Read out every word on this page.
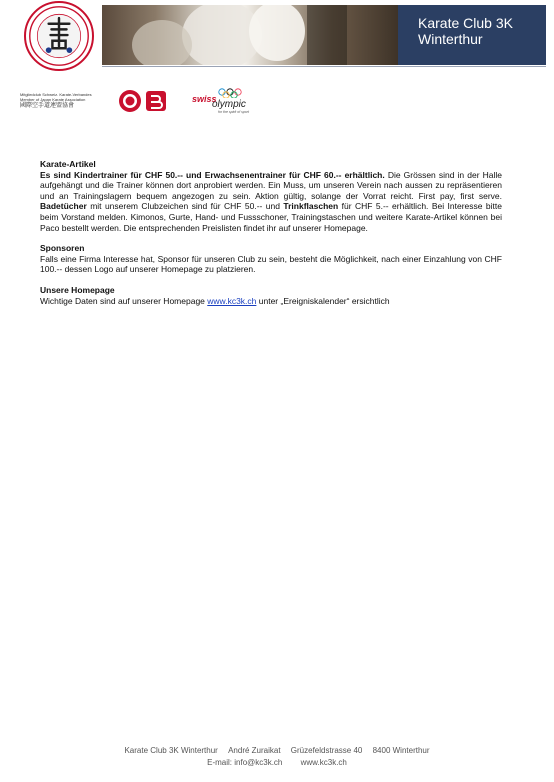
Karate Club 3K
Winterthur
Mitgliedclub Schweiz. Karate-Verbandes
Member of Japan Karate Association
國際空手道連盟協會
swiss
olympic
for the spirit of sport
Karate-Artikel

Es sind Kindertrainer für CHF 50.-- und Erwachsenentrainer für CHF 60.-- erhältlich. Die Grössen sind in der Halle aufgehängt und die Trainer können dort anprobiert werden. Ein Muss, um unseren Verein nach aussen zu repräsentieren und an Trainingslagern bequem angezogen zu sein. Aktion gültig, solange der Vorrat reicht. First pay, first serve. Badetücher mit unserem Clubzeichen sind für CHF 50.-- und Trinkflaschen für CHF 5.-- erhältlich. Bei Interesse bitte beim Vorstand melden. Kimonos, Gurte, Hand- und Fussschoner, Trainingstaschen und weitere Karate-Artikel können bei Paco bestellt werden. Die entsprechenden Preislisten findet ihr auf unserer Homepage.

Sponsoren

Falls eine Firma Interesse hat, Sponsor für unseren Club zu sein, besteht die Möglichkeit, nach einer Einzahlung von CHF 100.-- dessen Logo auf unserer Homepage zu platzieren.

Unsere Homepage

Wichtige Daten sind auf unserer Homepage www.kc3k.ch unter „Ereigniskalender“ ersichtlich

Karate Club 3K Winterthur André Zuraikat Grüzefeldstrasse 40 8400 Winterthur
E-mail: info@kc3k.ch www.kc3k.ch
